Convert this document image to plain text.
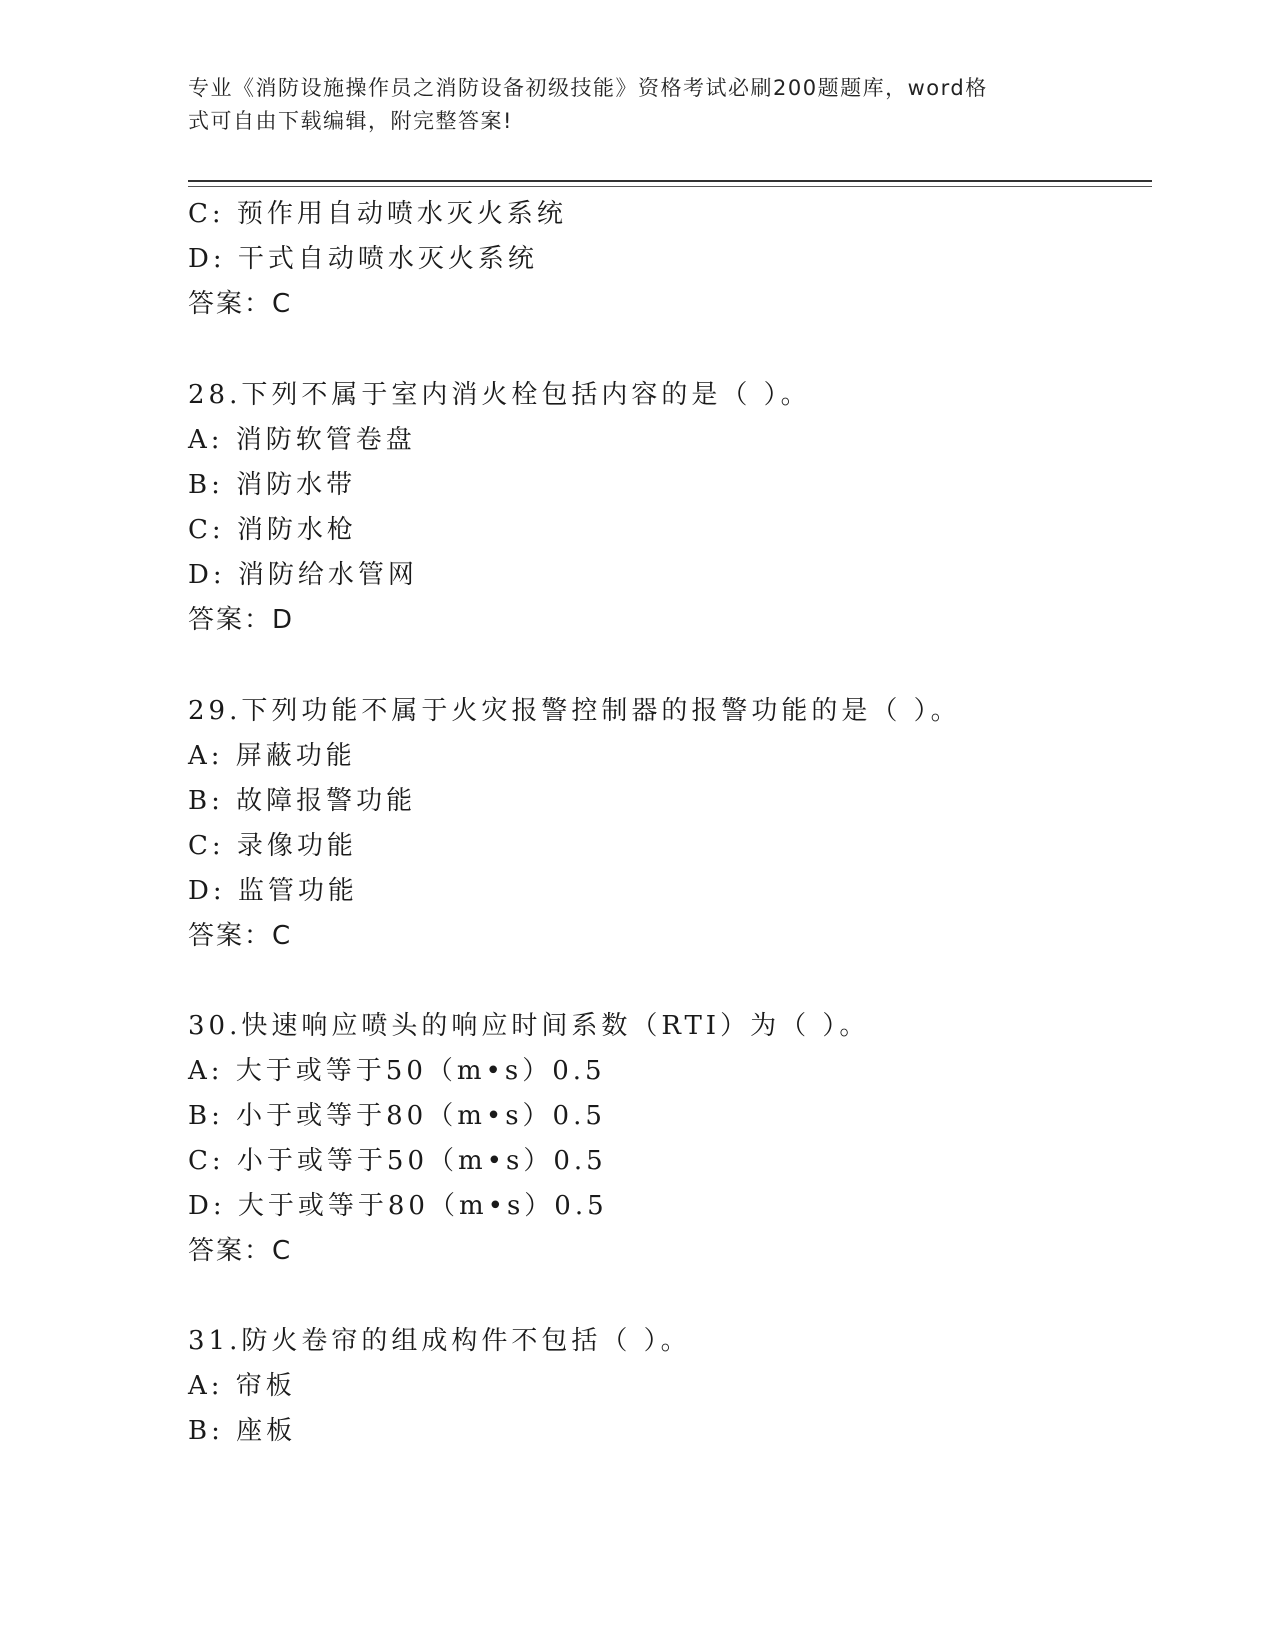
专业《消防设施操作员之消防设备初级技能》资格考试必刷200题题库，word格
式可自由下载编辑，附完整答案!
C: 预作用自动喷水灭火系统
D: 干式自动喷水灭火系统
答案：C
28.下列不属于室内消火栓包括内容的是（ ）。
A: 消防软管卷盘
B: 消防水带
C: 消防水枪
D: 消防给水管网
答案：D
29.下列功能不属于火灾报警控制器的报警功能的是（ ）。
A: 屏蔽功能
B: 故障报警功能
C: 录像功能
D: 监管功能
答案：C
30.快速响应喷头的响应时间系数（RTI）为（ ）。
A: 大于或等于50（m•s）0.5
B: 小于或等于80（m•s）0.5
C: 小于或等于50（m•s）0.5
D: 大于或等于80（m•s）0.5
答案：C
31.防火卷帘的组成构件不包括（ ）。
A: 帘板
B: 座板
